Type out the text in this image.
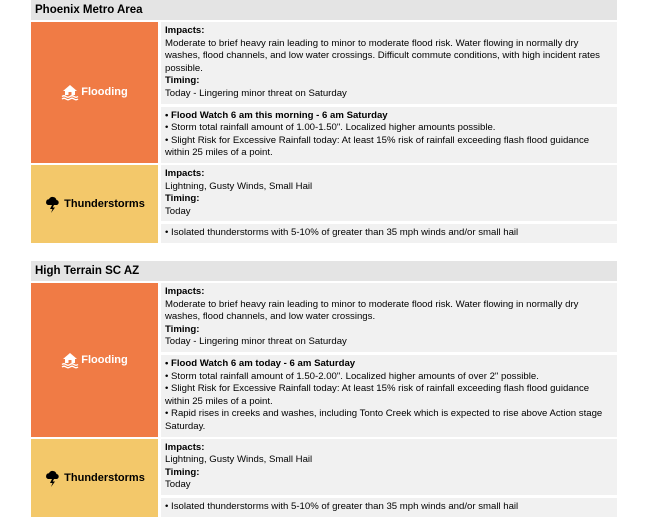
Phoenix Metro Area
Flooding
Impacts:
Moderate to brief heavy rain leading to minor to moderate flood risk. Water flowing in normally dry washes, flood channels, and low water crossings. Difficult commute conditions, with high incident rates possible.
Timing:
Today - Lingering minor threat on Saturday
• Flood Watch 6 am this morning - 6 am Saturday
• Storm total rainfall amount of 1.00-1.50". Localized higher amounts possible.
• Slight Risk for Excessive Rainfall today: At least 15% risk of rainfall exceeding flash flood guidance within 25 miles of a point.
Thunderstorms
Impacts:
Lightning, Gusty Winds, Small Hail
Timing:
Today
• Isolated thunderstorms with 5-10% of greater than 35 mph winds and/or small hail
High Terrain SC AZ
Flooding
Impacts:
Moderate to brief heavy rain leading to minor to moderate flood risk. Water flowing in normally dry washes, flood channels, and low water crossings.
Timing:
Today - Lingering minor threat on Saturday
• Flood Watch 6 am today - 6 am Saturday
• Storm total rainfall amount of 1.50-2.00". Localized higher amounts of over 2" possible.
• Slight Risk for Excessive Rainfall today: At least 15% risk of rainfall exceeding flash flood guidance within 25 miles of a point.
• Rapid rises in creeks and washes, including Tonto Creek which is expected to rise above Action stage Saturday.
Thunderstorms
Impacts:
Lightning, Gusty Winds, Small Hail
Timing:
Today
• Isolated thunderstorms with 5-10% of greater than 35 mph winds and/or small hail
